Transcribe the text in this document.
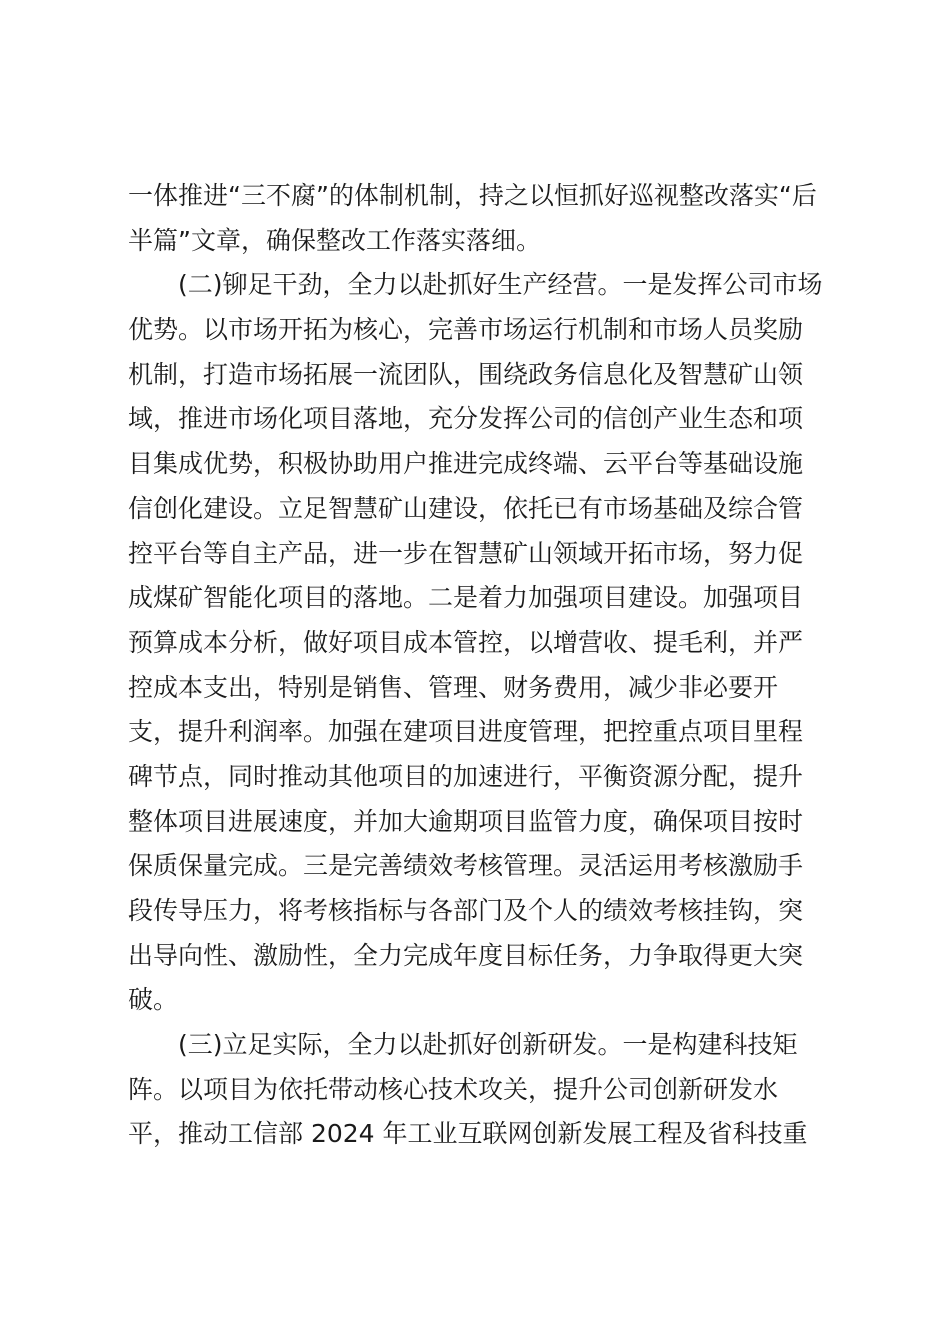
一体推进“三不腐”的体制机制，持之以恒抓好巡视整改落实“后
半篇”文章，确保整改工作落实落细。
　　(二)铆足干劲，全力以赴抓好生产经营。一是发挥公司市场
优势。以市场开拓为核心，完善市场运行机制和市场人员奖励
机制，打造市场拓展一流团队，围绕政务信息化及智慧矿山领
域，推进市场化项目落地，充分发挥公司的信创产业生态和项
目集成优势，积极协助用户推进完成终端、云平台等基础设施
信创化建设。立足智慧矿山建设，依托已有市场基础及综合管
控平台等自主产品，进一步在智慧矿山领域开拓市场，努力促
成煤矿智能化项目的落地。二是着力加强项目建设。加强项目
预算成本分析，做好项目成本管控，以增营收、提毛利，并严
控成本支出，特别是销售、管理、财务费用，减少非必要开
支，提升利润率。加强在建项目进度管理，把控重点项目里程
碑节点，同时推动其他项目的加速进行，平衡资源分配，提升
整体项目进展速度，并加大逾期项目监管力度，确保项目按时
保质保量完成。三是完善绩效考核管理。灵活运用考核激励手
段传导压力，将考核指标与各部门及个人的绩效考核挂钩，突
出导向性、激励性，全力完成年度目标任务，力争取得更大突
破。
　　(三)立足实际，全力以赴抓好创新研发。一是构建科技矩
阵。以项目为依托带动核心技术攻关，提升公司创新研发水
平，推动工信部 2024 年工业互联网创新发展工程及省科技重
